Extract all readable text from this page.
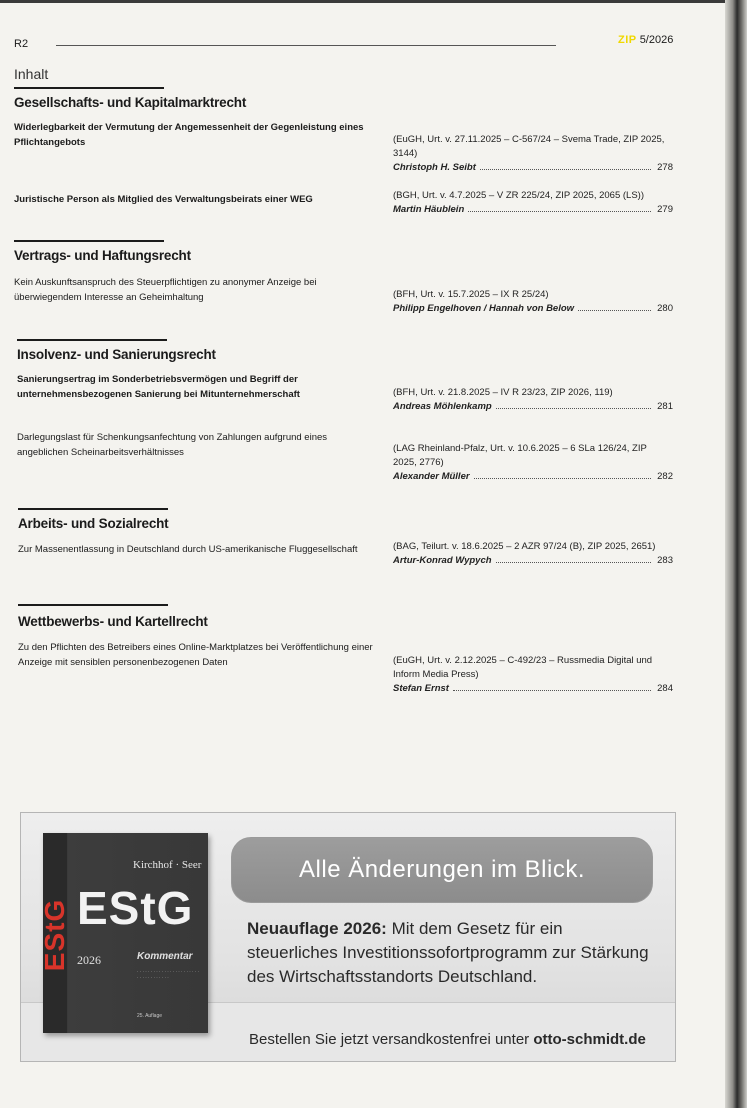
R2	ZIP 5/2026
Inhalt
Gesellschafts- und Kapitalmarktrecht
Widerlegbarkeit der Vermutung der Angemessenheit der Gegenleistung eines Pflichtangebots	(EuGH, Urt. v. 27.11.2025 – C-567/24 – Svema Trade, ZIP 2025, 3144)
Christoph H. Seibt	278
Juristische Person als Mitglied des Verwaltungsbeirats einer WEG	(BGH, Urt. v. 4.7.2025 – V ZR 225/24, ZIP 2025, 2065 (LS))
Martin Häublein	279
Vertrags- und Haftungsrecht
Kein Auskunftsanspruch des Steuerpflichtigen zu anonymer Anzeige bei überwiegendem Interesse an Geheimhaltung	(BFH, Urt. v. 15.7.2025 – IX R 25/24)
Philipp Engelhoven / Hannah von Below	280
Insolvenz- und Sanierungsrecht
Sanierungsertrag im Sonderbetriebsvermögen und Begriff der unternehmensbezogenen Sanierung bei Mitunternehmerschaft	(BFH, Urt. v. 21.8.2025 – IV R 23/23, ZIP 2026, 119)
Andreas Möhlenkamp	281
Darlegungslast für Schenkungsanfechtung von Zahlungen aufgrund eines angeblichen Scheinarbeitsverhältnisses	(LAG Rheinland-Pfalz, Urt. v. 10.6.2025 – 6 SLa 126/24, ZIP 2025, 2776)
Alexander Müller	282
Arbeits- und Sozialrecht
Zur Massenentlassung in Deutschland durch US-amerikanische Fluggesellschaft	(BAG, Teilurt. v. 18.6.2025 – 2 AZR 97/24 (B), ZIP 2025, 2651)
Artur-Konrad Wypych	283
Wettbewerbs- und Kartellrecht
Zu den Pflichten des Betreibers eines Online-Marktplatzes bei Veröffentlichung einer Anzeige mit sensiblen personenbezogenen Daten	(EuGH, Urt. v. 2.12.2025 – C-492/23 – Russmedia Digital und Inform Media Press)
Stefan Ernst	284
EStG
Kirchhof · Seer
EStG
2026	Kommentar
· · · · · · · · · · · · · · · · · · · · · · · · · · · · · · · · · · ·
25. Auflage
Alle Änderungen im Blick.
Neuauflage 2026: Mit dem Gesetz für ein steuerliches Investitionssofortprogramm zur Stärkung des Wirtschaftsstandorts Deutschland.
Bestellen Sie jetzt versandkostenfrei unter otto-schmidt.de
